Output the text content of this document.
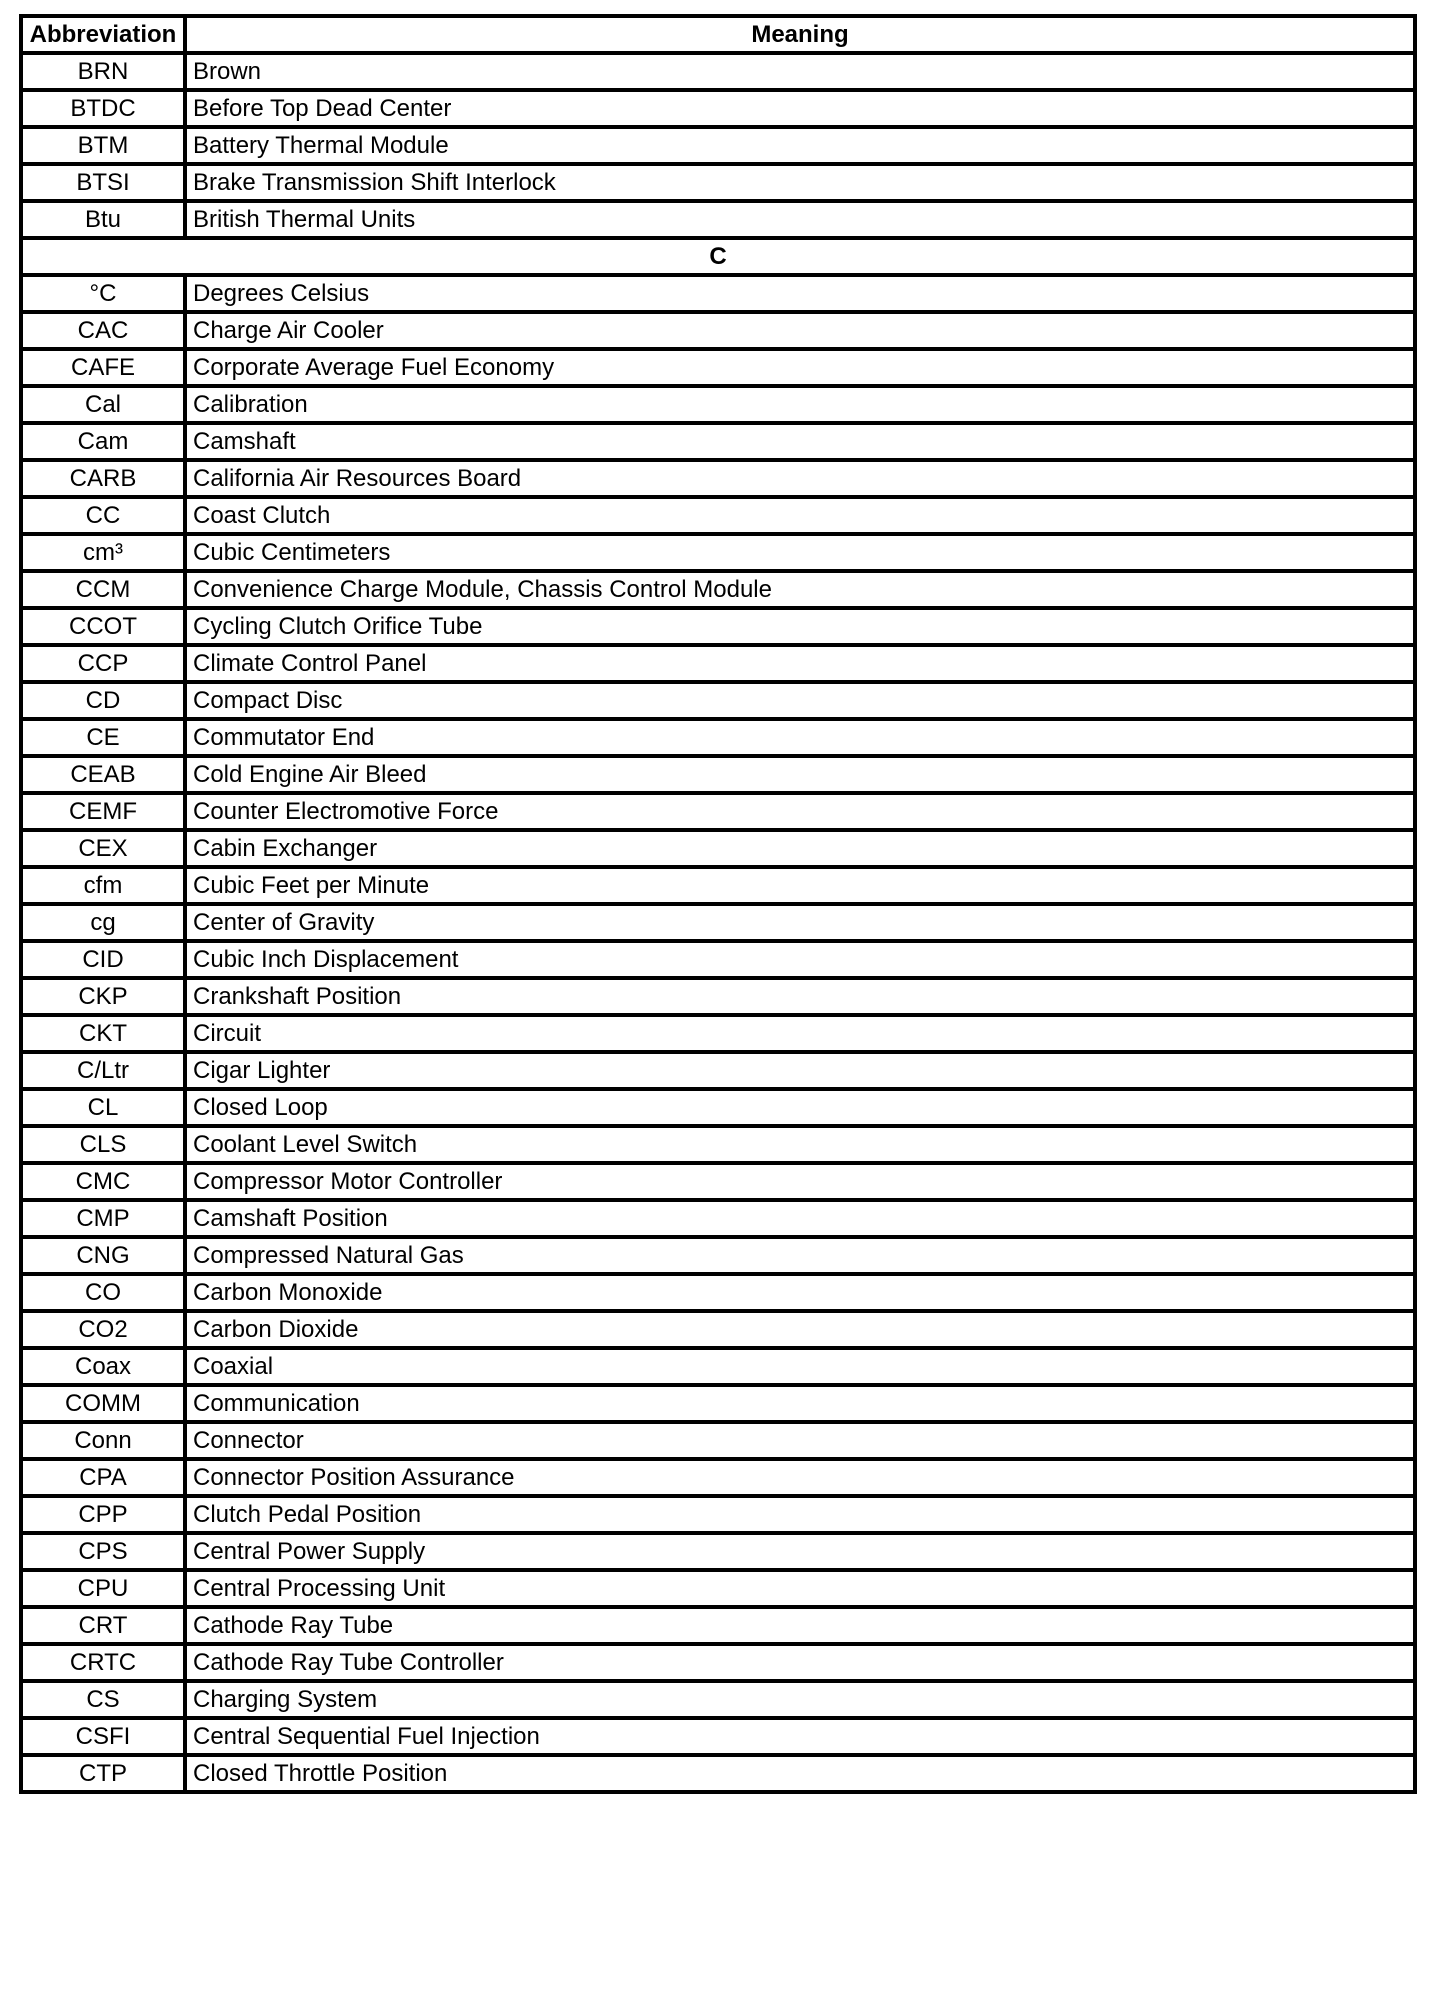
Abbreviation	Meaning
BRN	Brown
BTDC	Before Top Dead Center
BTM	Battery Thermal Module
BTSI	Brake Transmission Shift Interlock
Btu	British Thermal Units
C	
°C	Degrees Celsius
CAC	Charge Air Cooler
CAFE	Corporate Average Fuel Economy
Cal	Calibration
Cam	Camshaft
CARB	California Air Resources Board
CC	Coast Clutch
cm³	Cubic Centimeters
CCM	Convenience Charge Module, Chassis Control Module
CCOT	Cycling Clutch Orifice Tube
CCP	Climate Control Panel
CD	Compact Disc
CE	Commutator End
CEAB	Cold Engine Air Bleed
CEMF	Counter Electromotive Force
CEX	Cabin Exchanger
cfm	Cubic Feet per Minute
cg	Center of Gravity
CID	Cubic Inch Displacement
CKP	Crankshaft Position
CKT	Circuit
C/Ltr	Cigar Lighter
CL	Closed Loop
CLS	Coolant Level Switch
CMC	Compressor Motor Controller
CMP	Camshaft Position
CNG	Compressed Natural Gas
CO	Carbon Monoxide
CO2	Carbon Dioxide
Coax	Coaxial
COMM	Communication
Conn	Connector
CPA	Connector Position Assurance
CPP	Clutch Pedal Position
CPS	Central Power Supply
CPU	Central Processing Unit
CRT	Cathode Ray Tube
CRTC	Cathode Ray Tube Controller
CS	Charging System
CSFI	Central Sequential Fuel Injection
CTP	Closed Throttle Position
